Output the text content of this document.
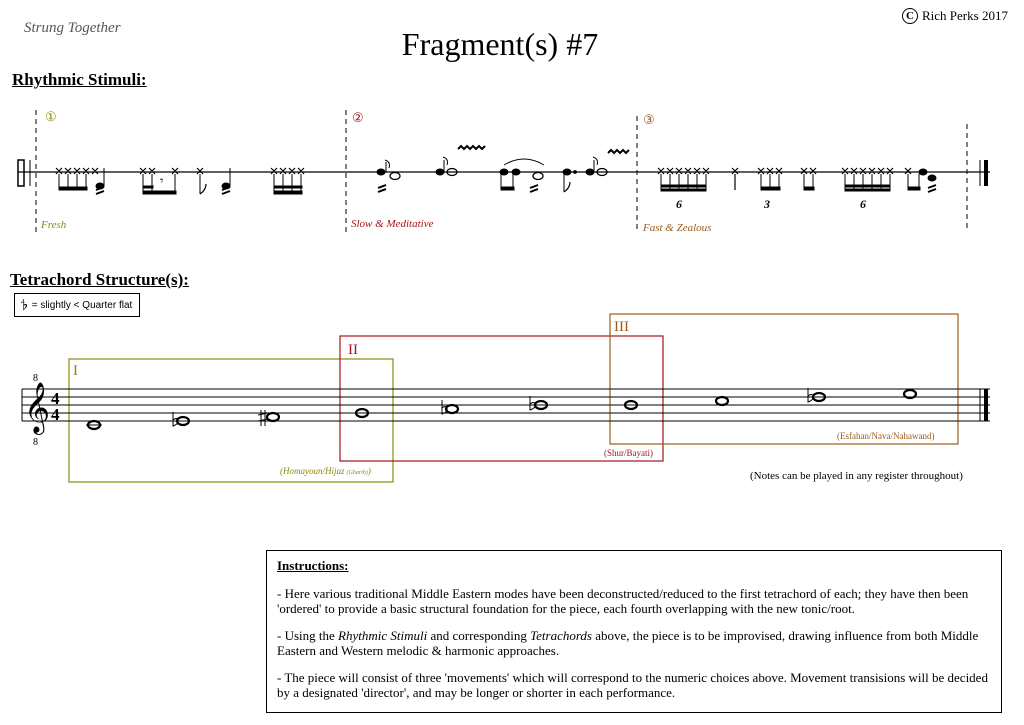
Strung Together	Fragment(s) #7
C Rich Perks 2017
Rhythmic Stimuli:
Tetrachord Structure(s):
①	②	③
Fresh	Slow & Meditative	Fast & Zealous
𝄾
6	3	6
I
II
III
(Homayoun/Hijaz (Gharib))
(Shur/Bayati)
(Esfahan/Nava/Nahawand)
𝄞
8
8
4
4
𝄳 = slightly < Quarter flat
(Notes can be played in any register throughout)
Instructions:

- Here various traditional Middle Eastern modes have been deconstructed/reduced to the first tetrachord of each; they have then been 'ordered' to provide a basic structural foundation for the piece, each fourth overlapping with the new tonic/root.

- Using the Rhythmic Stimuli and corresponding Tetrachords above, the piece is to be improvised, drawing influence from both Middle Eastern and Western melodic & harmonic approaches.

- The piece will consist of three 'movements' which will correspond to the numeric choices above. Movement transisions will be decided by a designated 'director', and may be longer or shorter in each performance.
